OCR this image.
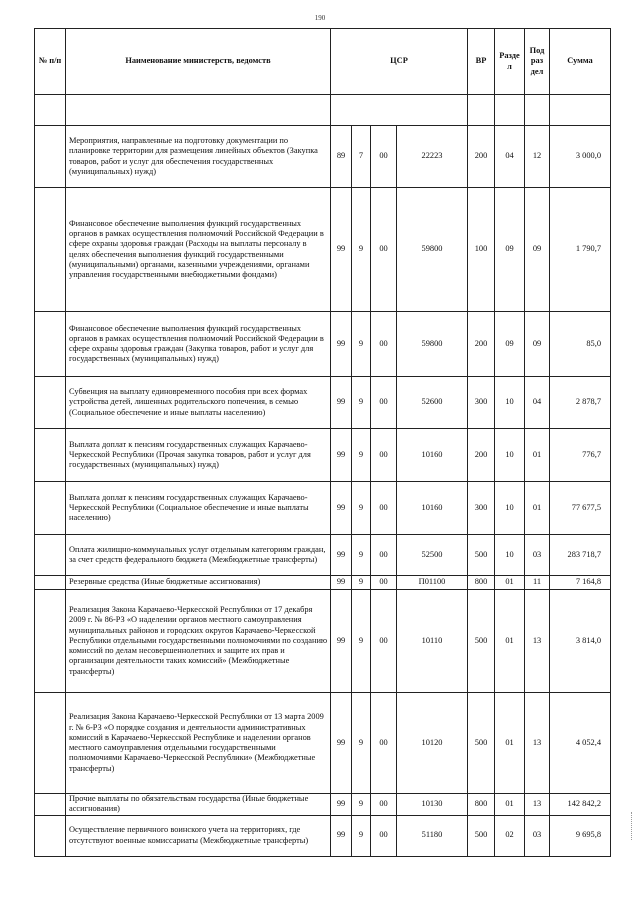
190
№ п/п	Наименование министерств, ведомств	ЦСР				ВР	Разде л	Под раз дел	Сумма

	Мероприятия, направленные на подготовку документации по планировке территории для размещения линейных объектов (Закупка товаров, работ и услуг для обеспечения государственных (муниципальных) нужд)	89	7	00	22223	200	04	12	3 000,0
	Финансовое обеспечение выполнения функций государственных органов в рамках осуществления полномочий Российской Федерации в сфере охраны здоровья граждан (Расходы на выплаты персоналу в целях обеспечения выполнения функций государственными (муниципальными) органами, казенными учреждениями, органами управления государственными внебюджетными фондами)	99	9	00	59800	100	09	09	1 790,7
	Финансовое обеспечение выполнения функций государственных органов в рамках осуществления полномочий Российской Федерации в сфере охраны здоровья граждан (Закупка товаров, работ и услуг для государственных (муниципальных) нужд)	99	9	00	59800	200	09	09	85,0
	Субвенция на выплату единовременного пособия при всех формах устройства детей, лишенных родительского попечения, в семью (Социальное обеспечение и иные выплаты населению)	99	9	00	52600	300	10	04	2 878,7
	Выплата доплат к пенсиям государственных служащих Карачаево-Черкесской Республики (Прочая закупка товаров, работ и услуг для государственных (муниципальных) нужд)	99	9	00	10160	200	10	01	776,7
	Выплата доплат к пенсиям государственных служащих Карачаево-Черкесской Республики (Социальное обеспечение и иные выплаты населению)	99	9	00	10160	300	10	01	77 677,5
	Оплата жилищно-коммунальных услуг отдельным категориям граждан, за счет средств федерального бюджета (Межбюджетные трансферты)	99	9	00	52500	500	10	03	283 718,7
	Резервные средства (Иные бюджетные ассигнования)	99	9	00	П01100	800	01	11	7 164,8
	Реализация Закона Карачаево-Черкесской Республики от 17 декабря 2009 г. № 86-РЗ «О наделении органов местного самоуправления муниципальных районов и городских округов Карачаево-Черкесской Республики отдельными государственными полномочиями по созданию комиссий по делам несовершеннолетних и защите их прав и организации деятельности таких комиссий» (Межбюджетные трансферты)	99	9	00	10110	500	01	13	3 814,0
	Реализация Закона Карачаево-Черкесской Республики от 13 марта 2009 г. № 6-РЗ «О порядке создания и деятельности административных комиссий в Карачаево-Черкесской Республике и наделении органов местного самоуправления отдельными государственными полномочиями Карачаево-Черкесской Республики» (Межбюджетные трансферты)	99	9	00	10120	500	01	13	4 052,4
	Прочие выплаты по обязательствам государства (Иные бюджетные ассигнования)	99	9	00	10130	800	01	13	142 842,2
	Осуществление первичного воинского учета на территориях, где отсутствуют военные комиссариаты (Межбюджетные трансферты)	99	9	00	51180	500	02	03	9 695,8
